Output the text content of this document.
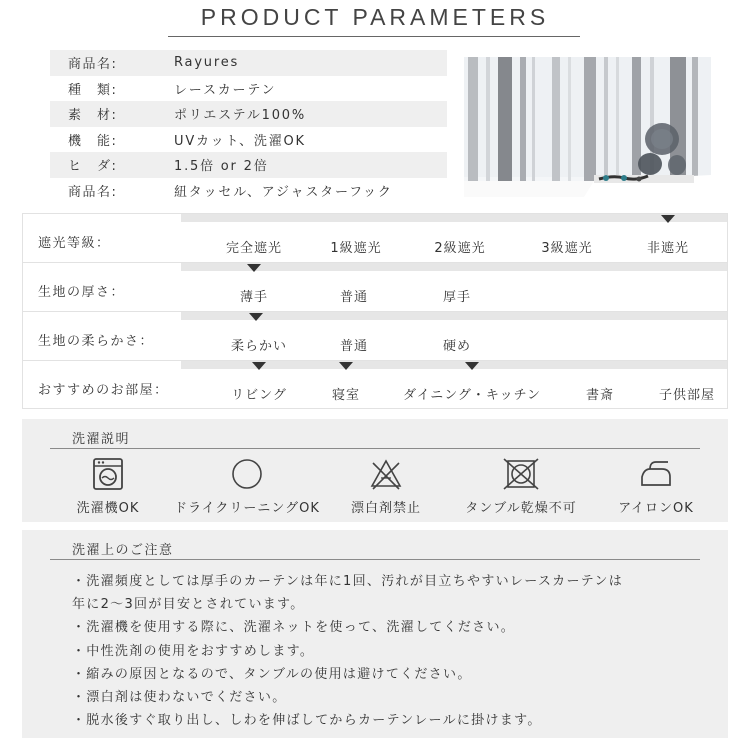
PRODUCT PARAMETERS
商品名:	Rayures
種　類:	レースカーテン
素　材:	ポリエステル100%
機　能:	UVカット、洗濯OK
ヒ　ダ:	1.5倍 or 2倍
商品名:	紐タッセル、アジャスターフック
遮光等級：	完全遮光	1級遮光	2級遮光	3級遮光	非遮光
生地の厚さ：	薄手	普通	厚手
生地の柔らかさ：	柔らかい	普通	硬め
おすすめのお部屋：	リビング	寝室	ダイニング・キッチン	書斎	子供部屋
洗濯説明
洗濯機OK	ドライクリーニングOK	漂白剤禁止	タンブル乾燥不可	アイロンOK
洗濯上のご注意
・洗濯頻度としては厚手のカーテンは年に1回、汚れが目立ちやすいレースカーテンは
年に2〜3回が目安とされています。
・洗濯機を使用する際に、洗濯ネットを使って、洗濯してください。
・中性洗剤の使用をおすすめします。
・縮みの原因となるので、タンブルの使用は避けてください。
・漂白剤は使わないでください。
・脱水後すぐ取り出し、しわを伸ばしてからカーテンレールに掛けます。
